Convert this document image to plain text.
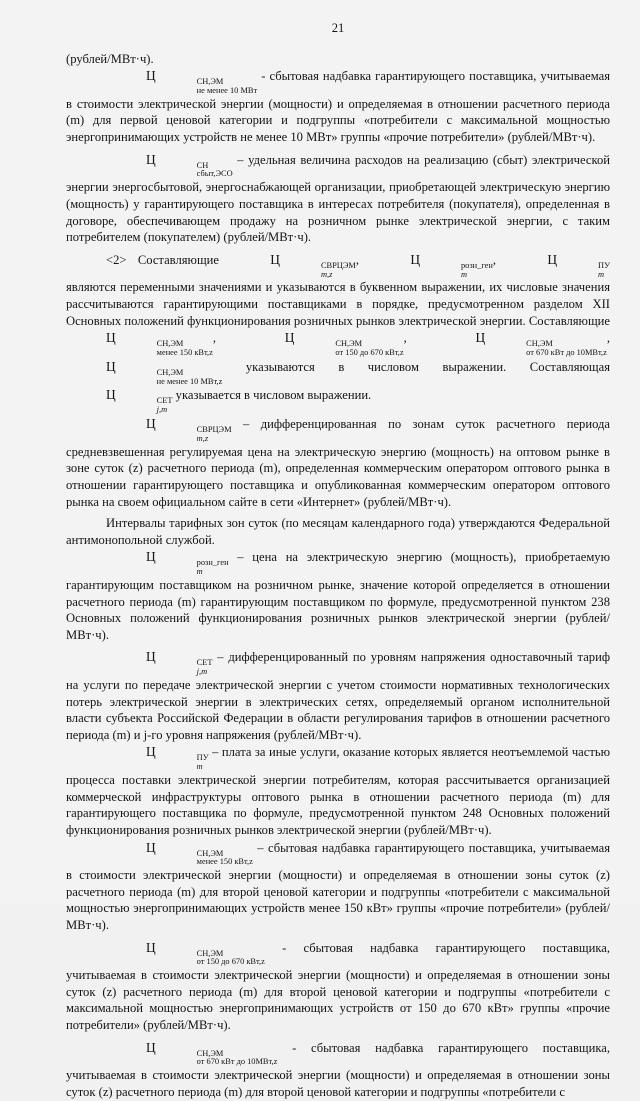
21

(рублей/МВт·ч).

Ц	СН,ЭМ
не менее 10 МВт
- сбытовая надбавка гарантирующего поставщика, учитываемая в стоимости электрической энергии (мощности) и определяемая в отношении расчетного периода (m) для первой ценовой категории и подгруппы «потребители с максимальной мощностью энергопринимающих устройств не менее 10 МВт» группы «прочие потребители» (рублей/МВт·ч).

Ц	СН
сбыт,ЭСО
– удельная величина расходов на реализацию (сбыт) электрической энергии энергосбытовой, энергоснабжающей организации, приобретающей электрическую энергию (мощность) у гарантирующего поставщика в интересах потребителя (покупателя), определенная в договоре, обеспечивающем продажу на розничном рынке электрической энергии, с таким потребителем (покупателем) (рублей/МВт·ч).

<2> Составляющие	Ц	СВРЦЭМ
m,z
,	Ц	розн_ген
m
,	Ц	ПУ
m
являются переменными значениями и указываются в буквенном выражении, их числовые значения рассчитываются гарантирующими поставщиками в порядке, предусмотренном разделом XII Основных положений функционирования розничных рынков электрической энергии. Составляющие Ц	СН,ЭМ
менее 150 кВт,z
,	Ц	СН,ЭМ
от 150 до 670 кВт,z
,	Ц	СН,ЭМ
от 670 кВт до 10МВт,z
, Ц	СН,ЭМ
не менее 10 МВт,z
указываются в числовом выражении. Составляющая Ц	СЕТ
j,m
указывается в числовом выражении.

Ц	СВРЦЭМ
m,z
– дифференцированная по зонам суток расчетного периода средневзвешенная регулируемая цена на электрическую энергию (мощность) на оптовом рынке в зоне суток (z) расчетного периода (m), определенная коммерческим оператором оптового рынка в отношении гарантирующего поставщика и опубликованная коммерческим оператором оптового рынка на своем официальном сайте в сети «Интернет» (рублей/МВт·ч).

Интервалы тарифных зон суток (по месяцам календарного года) утверждаются Федеральной антимонопольной службой.

Ц	розн_ген
m
– цена на электрическую энергию (мощность), приобретаемую гарантирующим поставщиком на розничном рынке, значение которой определяется в отношении расчетного периода (m) гарантирующим поставщиком по формуле, предусмотренной пунктом 238 Основных положений функционирования розничных рынков электрической энергии (рублей/МВт·ч).

Ц	СЕТ
j,m
– дифференцированный по уровням напряжения одноставочный тариф на услуги по передаче электрической энергии с учетом стоимости нормативных технологических потерь электрической энергии в электрических сетях, определяемый органом исполнительной власти субъекта Российской Федерации в области регулирования тарифов в отношении расчетного периода (m) и j-го уровня напряжения (рублей/МВт·ч).

Ц	ПУ
m
– плата за иные услуги, оказание которых является неотъемлемой частью процесса поставки электрической энергии потребителям, которая рассчитывается организацией коммерческой инфраструктуры оптового рынка в отношении расчетного периода (m) для гарантирующего поставщика по формуле, предусмотренной пунктом 248 Основных положений функционирования розничных рынков электрической энергии (рублей/МВт·ч).

Ц	СН,ЭМ
менее 150 кВт,z
– сбытовая надбавка гарантирующего поставщика, учитываемая в стоимости электрической энергии (мощности) и определяемая в отношении зоны суток (z) расчетного периода (m) для второй ценовой категории и подгруппы «потребители с максимальной мощностью энергопринимающих устройств менее 150 кВт» группы «прочие потребители» (рублей/МВт·ч).

Ц	СН,ЭМ
от 150 до 670 кВт,z
- сбытовая надбавка гарантирующего поставщика, учитываемая в стоимости электрической энергии (мощности) и определяемая в отношении зоны суток (z) расчетного периода (m) для второй ценовой категории и подгруппы «потребители с максимальной мощностью энергопринимающих устройств от 150 до 670 кВт» группы «прочие потребители» (рублей/МВт·ч).

Ц	СН,ЭМ
от 670 кВт до 10МВт,z
- сбытовая надбавка гарантирующего поставщика, учитываемая в стоимости электрической энергии (мощности) и определяемая в отношении зоны суток (z) расчетного периода (m) для второй ценовой категории и подгруппы «потребители с
